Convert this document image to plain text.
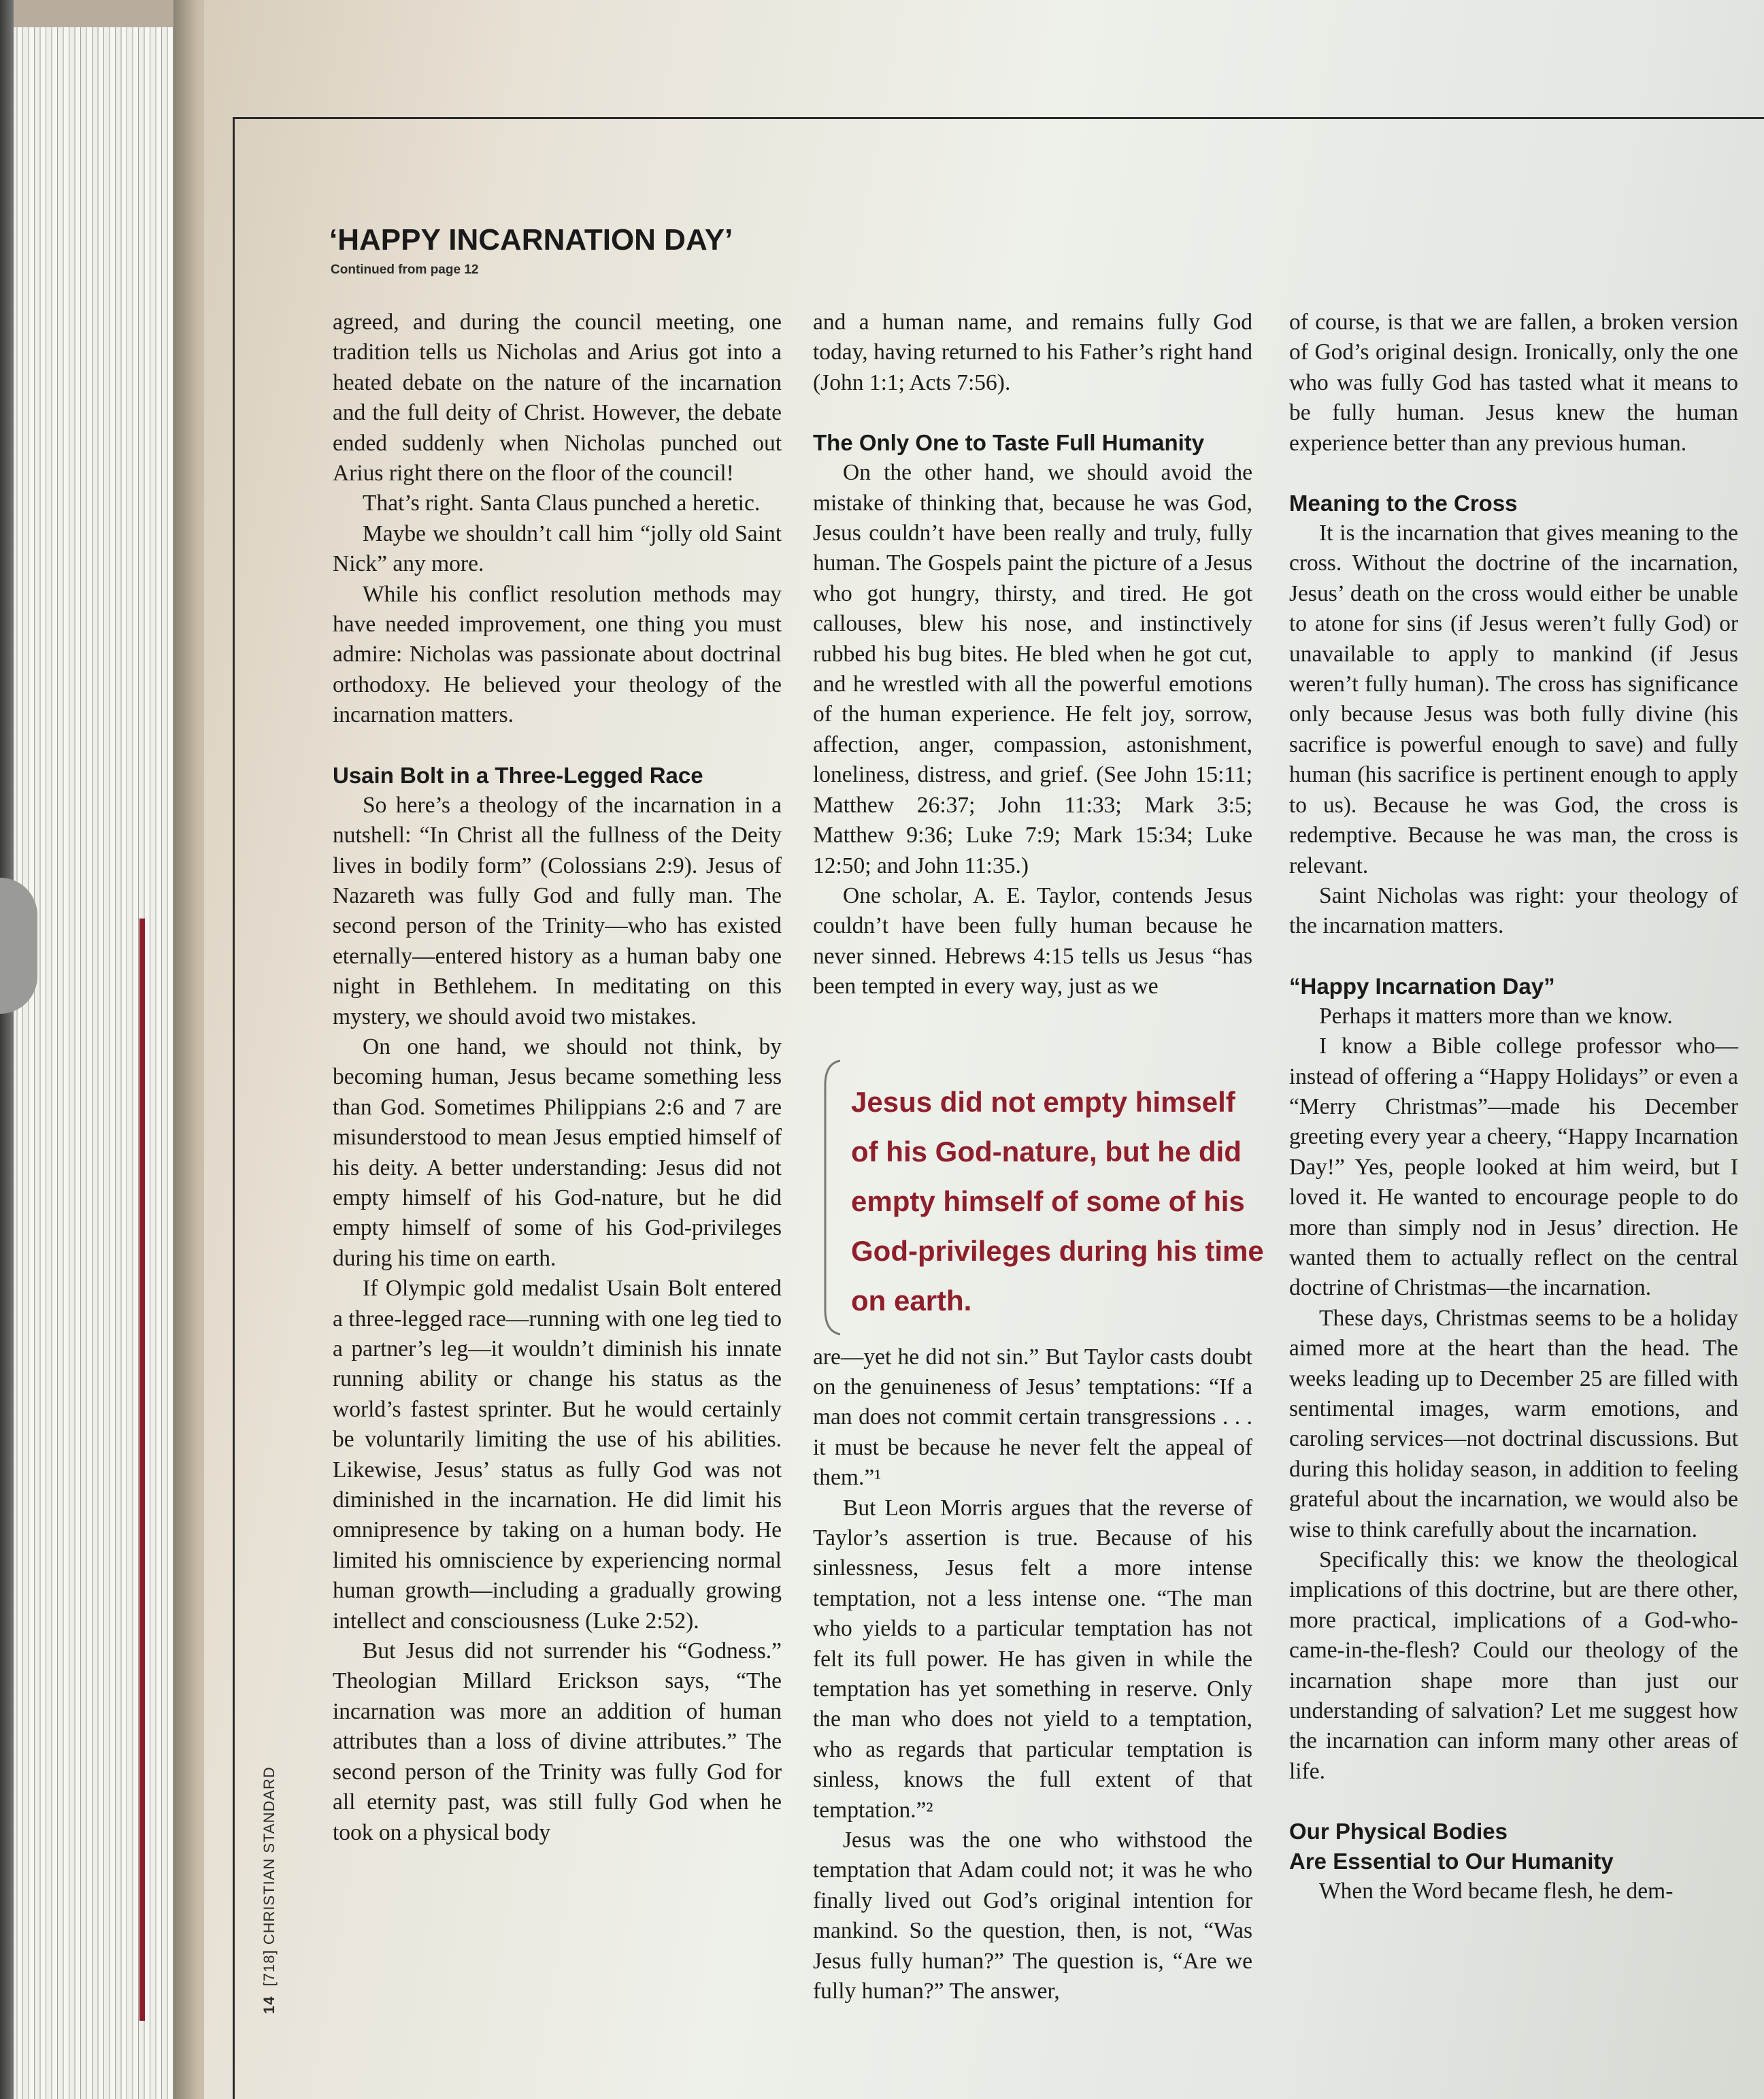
‘HAPPY INCARNATION DAY’
Continued from page 12

agreed, and during the council meeting, one tradition tells us Nicholas and Arius got into a heated debate on the nature of the incarnation and the full deity of Christ. However, the debate ended suddenly when Nicholas punched out Arius right there on the floor of the council!

That’s right. Santa Claus punched a heretic.

Maybe we shouldn’t call him “jolly old Saint Nick” any more.

While his conflict resolution methods may have needed improvement, one thing you must admire: Nicholas was passionate about doctrinal orthodoxy. He believed your theology of the incarnation matters.

Usain Bolt in a Three-Legged Race

So here’s a theology of the incarnation in a nutshell: “In Christ all the fullness of the Deity lives in bodily form” (Colossians 2:9). Jesus of Nazareth was fully God and fully man. The second person of the Trinity—who has existed eternally—entered history as a human baby one night in Bethlehem. In meditating on this mystery, we should avoid two mistakes.

On one hand, we should not think, by becoming human, Jesus became something less than God. Sometimes Philippians 2:6 and 7 are misunderstood to mean Jesus emptied himself of his deity. A better understanding: Jesus did not empty himself of his God-nature, but he did empty himself of some of his God-privileges during his time on earth.

If Olympic gold medalist Usain Bolt entered a three-legged race—running with one leg tied to a partner’s leg—it wouldn’t diminish his innate running ability or change his status as the world’s fastest sprinter. But he would certainly be voluntarily limiting the use of his abilities. Likewise, Jesus’ status as fully God was not diminished in the incarnation. He did limit his omnipresence by taking on a human body. He limited his omniscience by experiencing normal human growth—including a gradually growing intellect and consciousness (Luke 2:52).

But Jesus did not surrender his “Godness.” Theologian Millard Erickson says, “The incarnation was more an addition of human attributes than a loss of divine attributes.” The second person of the Trinity was fully God for all eternity past, was still fully God when he took on a physical body

and a human name, and remains fully God today, having returned to his Father’s right hand (John 1:1; Acts 7:56).

The Only One to Taste Full Humanity

On the other hand, we should avoid the mistake of thinking that, because he was God, Jesus couldn’t have been really and truly, fully human. The Gospels paint the picture of a Jesus who got hungry, thirsty, and tired. He got callouses, blew his nose, and instinctively rubbed his bug bites. He bled when he got cut, and he wrestled with all the powerful emotions of the human experience. He felt joy, sorrow, affection, anger, compassion, astonishment, loneliness, distress, and grief. (See John 15:11; Matthew 26:37; John 11:33; Mark 3:5; Matthew 9:36; Luke 7:9; Mark 15:34; Luke 12:50; and John 11:35.)

One scholar, A. E. Taylor, contends Jesus couldn’t have been fully human because he never sinned. Hebrews 4:15 tells us Jesus “has been tempted in every way, just as we

are—yet he did not sin.” But Taylor casts doubt on the genuineness of Jesus’ temptations: “If a man does not commit certain transgressions . . . it must be because he never felt the appeal of them.”¹

But Leon Morris argues that the reverse of Taylor’s assertion is true. Because of his sinlessness, Jesus felt a more intense temptation, not a less intense one. “The man who yields to a particular temptation has not felt its full power. He has given in while the temptation has yet something in reserve. Only the man who does not yield to a temptation, who as regards that particular temptation is sinless, knows the full extent of that temptation.”²

Jesus was the one who withstood the temptation that Adam could not; it was he who finally lived out God’s original intention for mankind. So the question, then, is not, “Was Jesus fully human?” The question is, “Are we fully human?” The answer,

Jesus did not empty himself of his God-nature, but he did empty himself of some of his God-privileges during his time on earth.

of course, is that we are fallen, a broken version of God’s original design. Ironically, only the one who was fully God has tasted what it means to be fully human. Jesus knew the human experience better than any previous human.

Meaning to the Cross

It is the incarnation that gives meaning to the cross. Without the doctrine of the incarnation, Jesus’ death on the cross would either be unable to atone for sins (if Jesus weren’t fully God) or unavailable to apply to mankind (if Jesus weren’t fully human). The cross has significance only because Jesus was both fully divine (his sacrifice is powerful enough to save) and fully human (his sacrifice is pertinent enough to apply to us). Because he was God, the cross is redemptive. Because he was man, the cross is relevant.

Saint Nicholas was right: your theology of the incarnation matters.

“Happy Incarnation Day”

Perhaps it matters more than we know.

I know a Bible college professor who—instead of offering a “Happy Holidays” or even a “Merry Christmas”—made his December greeting every year a cheery, “Happy Incarnation Day!” Yes, people looked at him weird, but I loved it. He wanted to encourage people to do more than simply nod in Jesus’ direction. He wanted them to actually reflect on the central doctrine of Christmas—the incarnation.

These days, Christmas seems to be a holiday aimed more at the heart than the head. The weeks leading up to December 25 are filled with sentimental images, warm emotions, and caroling services—not doctrinal discussions. But during this holiday season, in addition to feeling grateful about the incarnation, we would also be wise to think carefully about the incarnation.

Specifically this: we know the theological implications of this doctrine, but are there other, more practical, implications of a God-who-came-in-the-flesh? Could our theology of the incarnation shape more than just our understanding of salvation? Let me suggest how the incarnation can inform many other areas of life.

Our Physical Bodies
Are Essential to Our Humanity

When the Word became flesh, he dem-

14  [718] CHRISTIAN STANDARD
